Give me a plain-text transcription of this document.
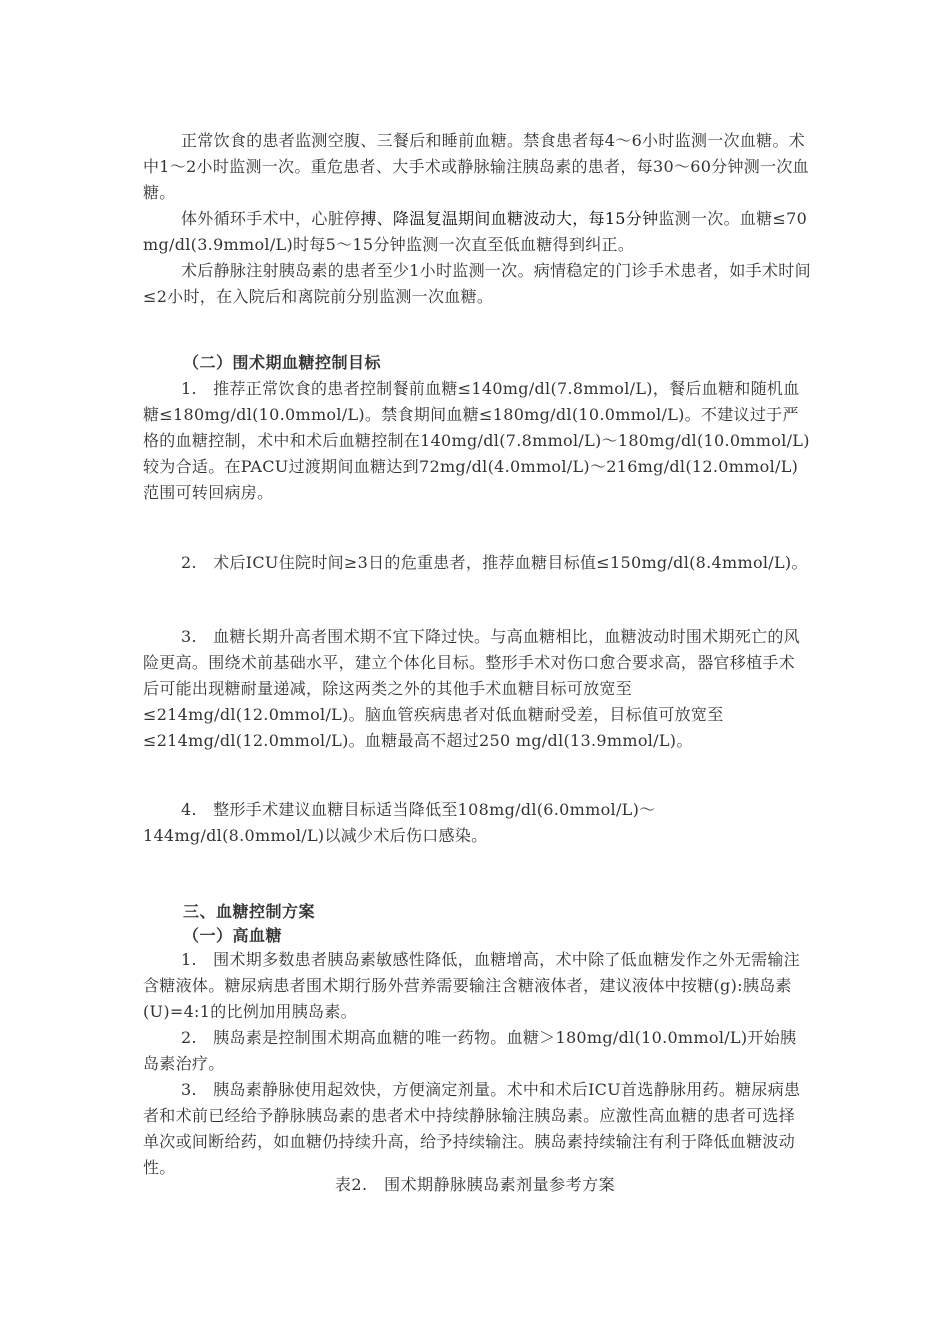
正常饮食的患者监测空腹、三餐后和睡前血糖。禁食患者每4～6小时监测一次血糖。术中1～2小时监测一次。重危患者、大手术或静脉输注胰岛素的患者，每30～60分钟测一次血糖。

体外循环手术中，心脏停搏、降温复温期间血糖波动大，每15分钟监测一次。血糖≤70 mg/dl(3.9mmol/L)时每5～15分钟监测一次直至低血糖得到纠正。

术后静脉注射胰岛素的患者至少1小时监测一次。病情稳定的门诊手术患者，如手术时间≤2小时，在入院后和离院前分别监测一次血糖。

（二）围术期血糖控制目标

1.　推荐正常饮食的患者控制餐前血糖≤140mg/dl(7.8mmol/L)，餐后血糖和随机血糖≤180mg/dl(10.0mmol/L)。禁食期间血糖≤180mg/dl(10.0mmol/L)。不建议过于严格的血糖控制，术中和术后血糖控制在140mg/dl(7.8mmol/L)～180mg/dl(10.0mmol/L)较为合适。在PACU过渡期间血糖达到72mg/dl(4.0mmol/L)～216mg/dl(12.0mmol/L)范围可转回病房。

2.　术后ICU住院时间≥3日的危重患者，推荐血糖目标值≤150mg/dl(8.4mmol/L)。

3.　血糖长期升高者围术期不宜下降过快。与高血糖相比，血糖波动时围术期死亡的风险更高。围绕术前基础水平，建立个体化目标。整形手术对伤口愈合要求高，器官移植手术后可能出现糖耐量递减，除这两类之外的其他手术血糖目标可放宽至≤214mg/dl(12.0mmol/L)。脑血管疾病患者对低血糖耐受差，目标值可放宽至≤214mg/dl(12.0mmol/L)。血糖最高不超过250 mg/dl(13.9mmol/L)。

4.　整形手术建议血糖目标适当降低至108mg/dl(6.0mmol/L)～144mg/dl(8.0mmol/L)以减少术后伤口感染。

三、血糖控制方案
（一）高血糖

1.　围术期多数患者胰岛素敏感性降低，血糖增高，术中除了低血糖发作之外无需输注含糖液体。糖尿病患者围术期行肠外营养需要输注含糖液体者，建议液体中按糖(g):胰岛素(U)=4:1的比例加用胰岛素。

2.　胰岛素是控制围术期高血糖的唯一药物。血糖＞180mg/dl(10.0mmol/L)开始胰岛素治疗。

3.　胰岛素静脉使用起效快，方便滴定剂量。术中和术后ICU首选静脉用药。糖尿病患者和术前已经给予静脉胰岛素的患者术中持续静脉输注胰岛素。应激性高血糖的患者可选择单次或间断给药，如血糖仍持续升高，给予持续输注。胰岛素持续输注有利于降低血糖波动性。

表2.　围术期静脉胰岛素剂量参考方案
